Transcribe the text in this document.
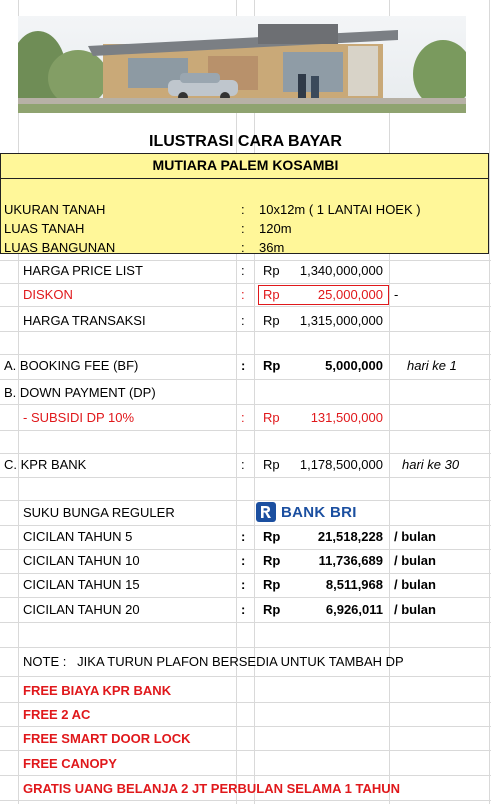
ILUSTRASI CARA BAYAR
MUTIARA PALEM KOSAMBI
UKURAN TANAH	: 10x12m ( 1 LANTAI HOEK )
LUAS TANAH	: 120m
LUAS BANGUNAN	: 36m
HARGA PRICE LIST	: Rp	1,340,000,000
DISKON	: Rp	25,000,000 -
HARGA TRANSAKSI	: Rp	1,315,000,000
A. BOOKING FEE (BF)	: Rp	5,000,000 hari ke 1
B. DOWN PAYMENT (DP)
- SUBSIDI DP 10%	: Rp	131,500,000
C. KPR BANK	: Rp	1,178,500,000 hari ke 30
SUKU BUNGA REGULER	BANK BRI
CICILAN TAHUN 5	: Rp	21,518,228 / bulan
CICILAN TAHUN 10	: Rp	11,736,689 / bulan
CICILAN TAHUN 15	: Rp	8,511,968 / bulan
CICILAN TAHUN 20	: Rp	6,926,011 / bulan
NOTE :   JIKA TURUN PLAFON BERSEDIA UNTUK TAMBAH DP
FREE BIAYA KPR BANK
FREE 2 AC
FREE SMART DOOR LOCK
FREE CANOPY
GRATIS UANG BELANJA 2 JT PERBULAN SELAMA 1 TAHUN
